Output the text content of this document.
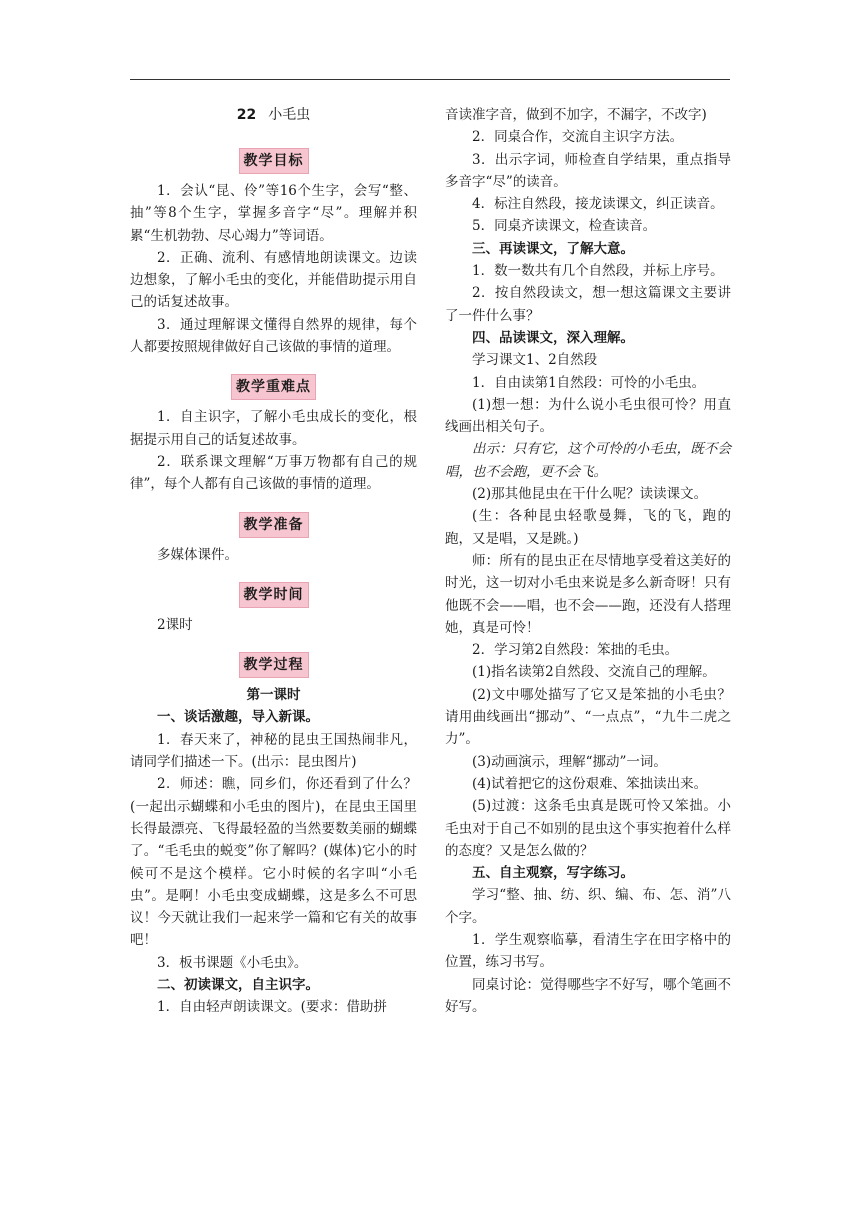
22 小毛虫
教学目标

1．会认“昆、伶”等16个生字，会写“整、抽”等8个生字，掌握多音字“尽”。理解并积累“生机勃勃、尽心竭力”等词语。

2．正确、流利、有感情地朗读课文。边读边想象，了解小毛虫的变化，并能借助提示用自己的话复述故事。

3．通过理解课文懂得自然界的规律，每个人都要按照规律做好自己该做的事情的道理。

教学重难点

1．自主识字，了解小毛虫成长的变化，根据提示用自己的话复述故事。

2．联系课文理解“万事万物都有自己的规律”，每个人都有自己该做的事情的道理。

教学准备

多媒体课件。

教学时间

2课时

教学过程

第一课时

一、谈话激趣，导入新课。

1．春天来了，神秘的昆虫王国热闹非凡，请同学们描述一下。(出示：昆虫图片)

2．师述：瞧，同乡们，你还看到了什么？(一起出示蝴蝶和小毛虫的图片)，在昆虫王国里长得最漂亮、飞得最轻盈的当然要数美丽的蝴蝶了。“毛毛虫的蜕变”你了解吗？(媒体)它小的时候可不是这个模样。它小时候的名字叫“小毛虫”。是啊！小毛虫变成蝴蝶，这是多么不可思议！今天就让我们一起来学一篇和它有关的故事吧！

3．板书课题《小毛虫》。

二、初读课文，自主识字。

1．自由轻声朗读课文。(要求：借助拼

音读准字音，做到不加字，不漏字，不改字)

2．同桌合作，交流自主识字方法。

3．出示字词，师检查自学结果，重点指导多音字“尽”的读音。

4．标注自然段，接龙读课文，纠正读音。

5．同桌齐读课文，检查读音。

三、再读课文，了解大意。

1．数一数共有几个自然段，并标上序号。

2．按自然段读文，想一想这篇课文主要讲了一件什么事？

四、品读课文，深入理解。

学习课文1、2自然段

1．自由读第1自然段：可怜的小毛虫。

(1)想一想：为什么说小毛虫很可怜？用直线画出相关句子。

出示：只有它，这个可怜的小毛虫，既不会唱，也不会跑，更不会飞。

(2)那其他昆虫在干什么呢？读读课文。

(生：各种昆虫轻歌曼舞，飞的飞，跑的跑，又是唱，又是跳。)

师：所有的昆虫正在尽情地享受着这美好的时光，这一切对小毛虫来说是多么新奇呀！只有他既不会——唱，也不会——跑，还没有人搭理她，真是可怜！

2．学习第2自然段：笨拙的毛虫。

(1)指名读第2自然段、交流自己的理解。

(2)文中哪处描写了它又是笨拙的小毛虫？请用曲线画出“挪动”、“一点点”，“九牛二虎之力”。

(3)动画演示，理解“挪动”一词。

(4)试着把它的这份艰难、笨拙读出来。

(5)过渡：这条毛虫真是既可怜又笨拙。小毛虫对于自己不如别的昆虫这个事实抱着什么样的态度？又是怎么做的？

五、自主观察，写字练习。

学习“整、抽、纺、织、编、布、怎、消”八个字。

1．学生观察临摹，看清生字在田字格中的位置，练习书写。

同桌讨论：觉得哪些字不好写，哪个笔画不好写。
